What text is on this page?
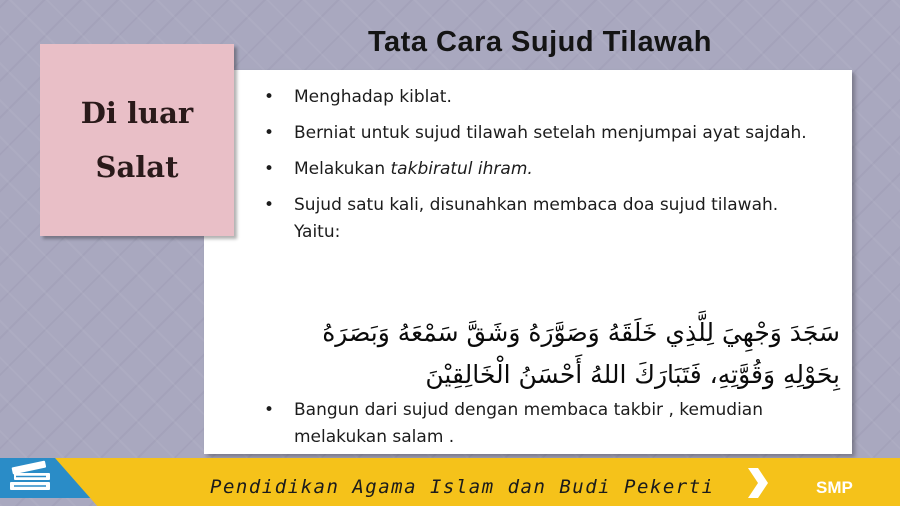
Tata Cara Sujud Tilawah
Di luar
Salat
• Menghadap kiblat.
• Berniat untuk sujud tilawah setelah menjumpai ayat sajdah.
• Melakukan takbiratul ihram.
• Sujud satu kali, disunahkan membaca doa sujud tilawah. Yaitu:
سَجَدَ وَجْهِيَ لِلَّذِي خَلَقَهُ وَصَوَّرَهُ وَشَقَّ سَمْعَهُ وَبَصَرَهُ بِحَوْلِهِ وَقُوَّتِهِ، فَتَبَارَكَ اللهُ أَحْسَنُ الْخَالِقِيْنَ
• Bangun dari sujud dengan membaca takbir , kemudian melakukan salam .
Pendidikan Agama Islam dan Budi Pekerti	SMP
